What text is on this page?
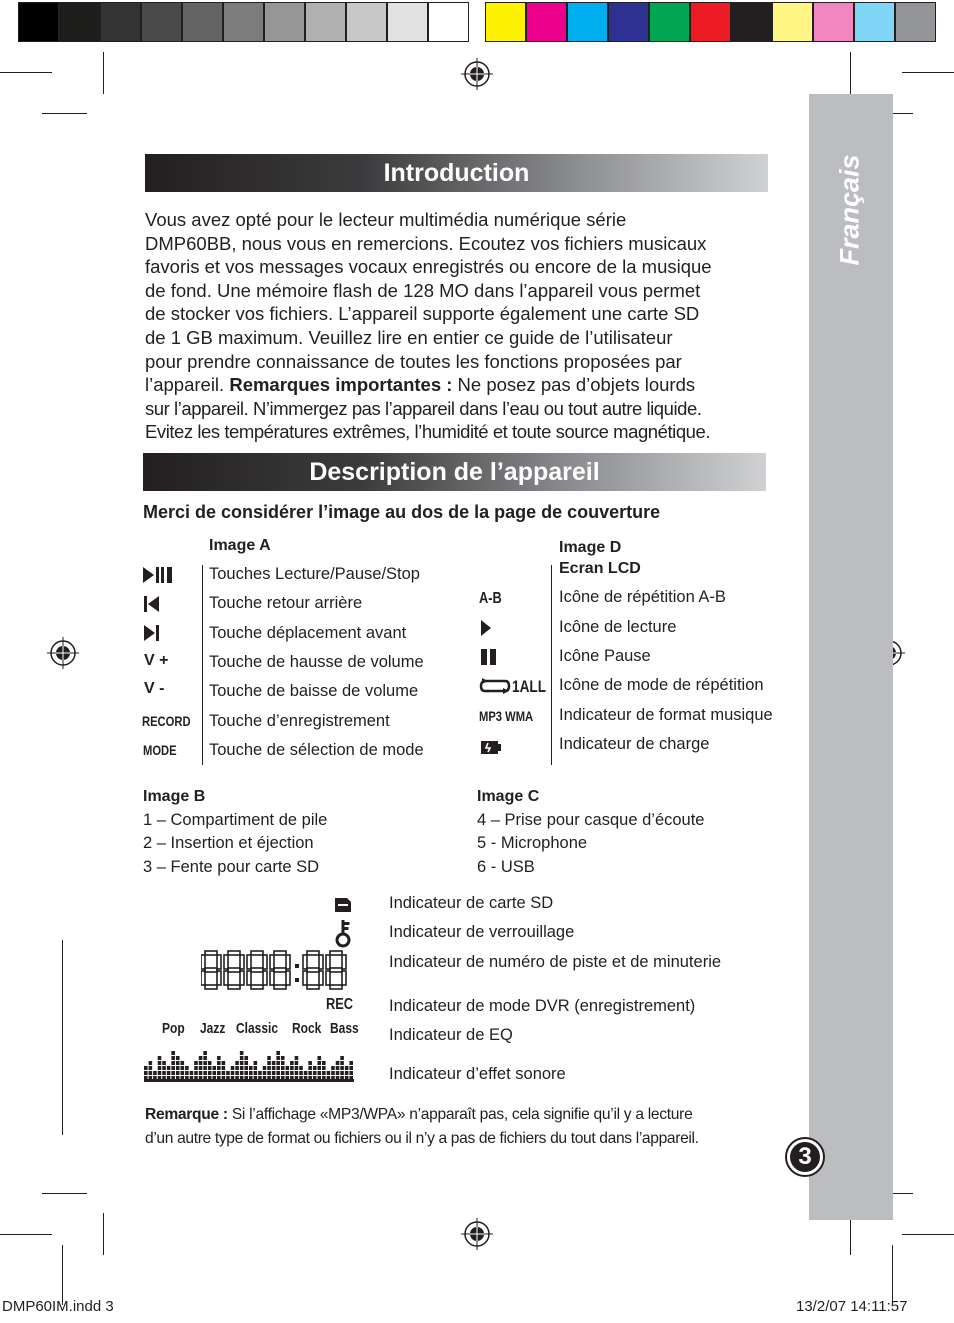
Français
3
Introduction
Vous avez opté pour le lecteur multimédia numérique série
DMP60BB, nous vous en remercions. Ecoutez vos fichiers musicaux
favoris et vos messages vocaux enregistrés ou encore de la musique
de fond. Une mémoire flash de 128 MO dans l’appareil vous permet
de stocker vos fichiers. L’appareil supporte également une carte SD
de 1 GB maximum. Veuillez lire en entier ce guide de l’utilisateur
pour prendre connaissance de toutes les fonctions proposées par
l’appareil. Remarques importantes : Ne posez pas d’objets lourds
sur l’appareil. N’immergez pas l’appareil dans l’eau ou tout autre liquide.
Evitez les températures extrêmes, l’humidité et toute source magnétique.
Description de l’appareil
Merci de considérer l’image au dos de la page de couverture
Image A
V +
V -
RECORD
MODE
Touches Lecture/Pause/Stop
Touche retour arrière
Touche déplacement avant
Touche de hausse de volume
Touche de baisse de volume
Touche d’enregistrement
Touche de sélection de mode
Image D
Ecran LCD
A-B
1ALL
MP3 WMA
Icône de répétition A-B
Icône de lecture
Icône Pause
Icône de mode de répétition
Indicateur de format musique
Indicateur de charge
Image B
1 – Compartiment de pile
2 – Insertion et éjection
3 – Fente pour carte SD
Image C
4 – Prise pour casque d’écoute
5 - Microphone
6 - USB
REC
Pop	Jazz Classic Rock Bass
Indicateur de carte SD
Indicateur de verrouillage
Indicateur de numéro de piste et de minuterie
Indicateur de mode DVR (enregistrement)
Indicateur de EQ
Indicateur d’effet sonore
Remarque : Si l’affichage «MP3/WPA» n’apparaît pas, cela signifie qu’il y a lecture
d’un autre type de format ou fichiers ou il n’y a pas de fichiers du tout dans l’appareil.
DMP60IM.indd 3	13/2/07 14:11:57
